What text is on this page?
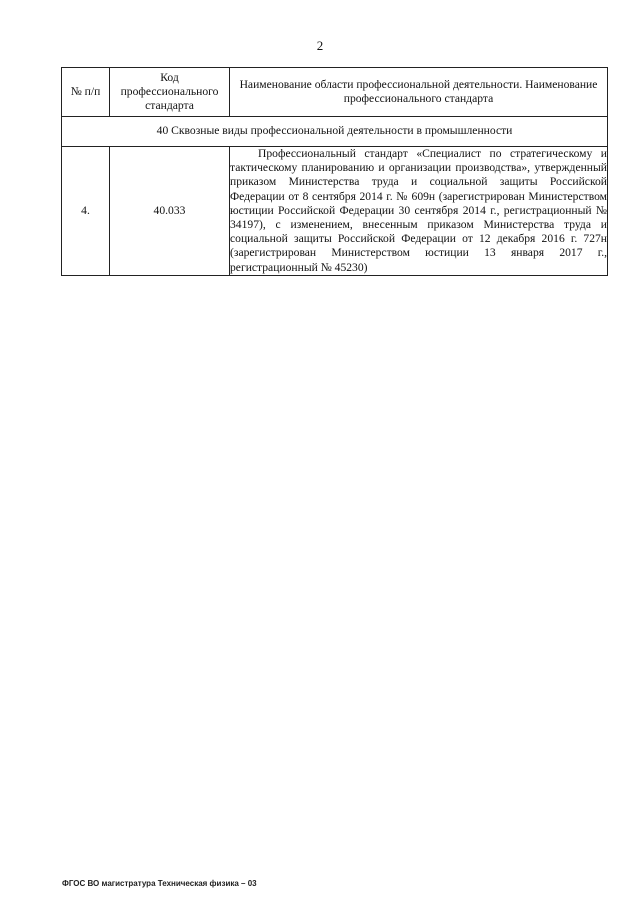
2
№ п/п	Код профессионального стандарта	Наименование области профессиональной деятельности. Наименование профессионального стандарта
40 Сквозные виды профессиональной деятельности в промышленности		
4.	40.033	Профессиональный стандарт «Специалист по стратегическому и тактическому планированию и организации производства», утвержденный приказом Министерства труда и социальной защиты Российской Федерации от 8 сентября 2014 г. № 609н (зарегистрирован Министерством юстиции Российской Федерации 30 сентября 2014 г., регистрационный № 34197), с изменением, внесенным приказом Министерства труда и социальной защиты Российской Федерации от 12 декабря 2016 г. 727н (зарегистрирован Министерством юстиции 13 января 2017 г., регистрационный № 45230)
ФГОС ВО магистратура Техническая физика – 03
